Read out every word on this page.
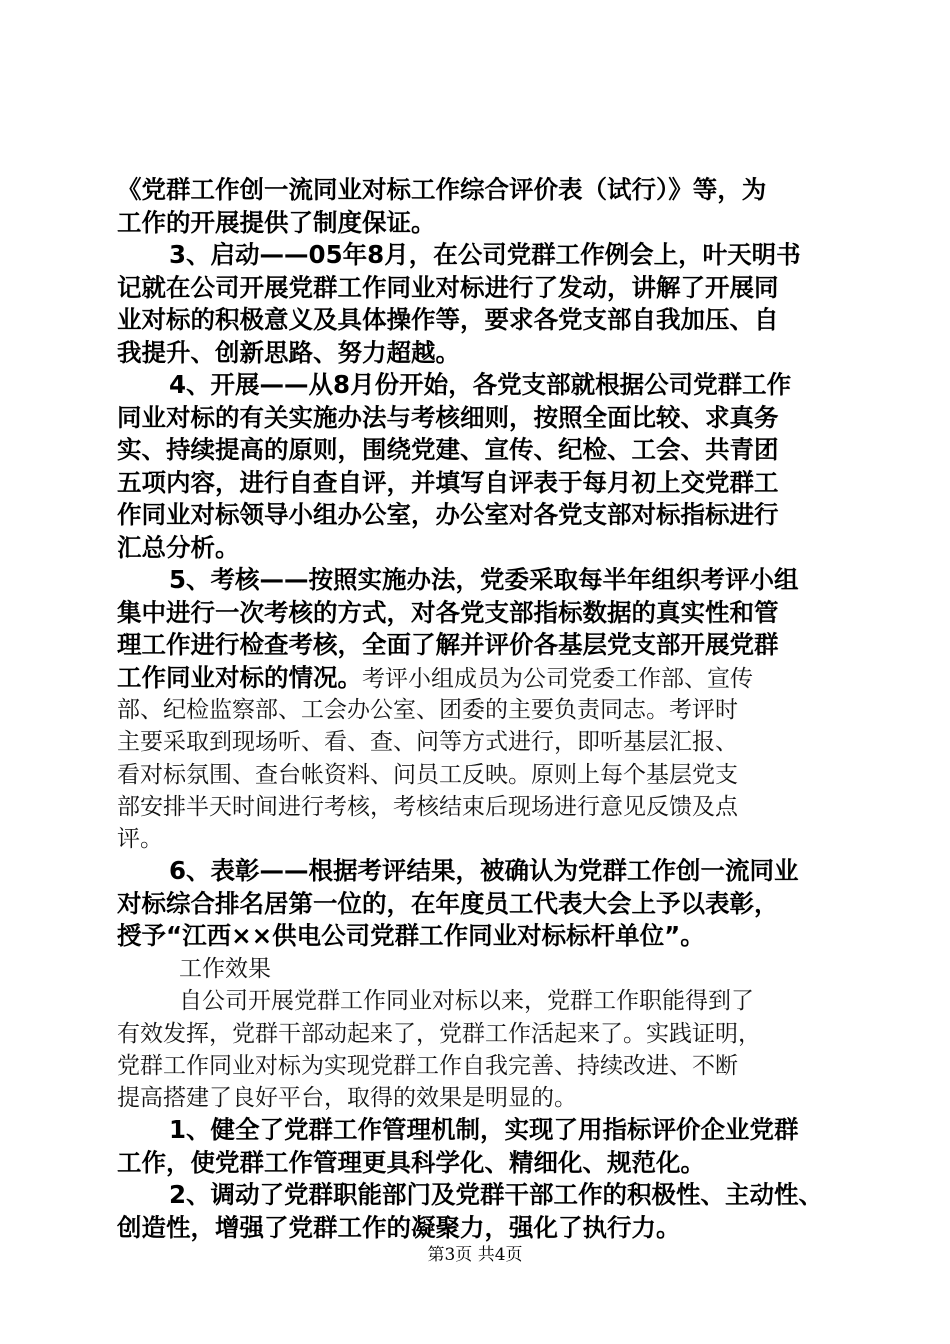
《党群工作创一流同业对标工作综合评价表（试行）》等，为
工作的开展提供了制度保证。
3、启动——05年8月，在公司党群工作例会上，叶天明书
记就在公司开展党群工作同业对标进行了发动，讲解了开展同
业对标的积极意义及具体操作等，要求各党支部自我加压、自
我提升、创新思路、努力超越。
4、开展——从8月份开始，各党支部就根据公司党群工作
同业对标的有关实施办法与考核细则，按照全面比较、求真务
实、持续提高的原则，围绕党建、宣传、纪检、工会、共青团
五项内容，进行自查自评，并填写自评表于每月初上交党群工
作同业对标领导小组办公室，办公室对各党支部对标指标进行
汇总分析。
5、考核——按照实施办法，党委采取每半年组织考评小组
集中进行一次考核的方式，对各党支部指标数据的真实性和管
理工作进行检查考核，全面了解并评价各基层党支部开展党群
工作同业对标的情况。考评小组成员为公司党委工作部、宣传
部、纪检监察部、工会办公室、团委的主要负责同志。考评时
主要采取到现场听、看、查、问等方式进行，即听基层汇报、
看对标氛围、查台帐资料、问员工反映。原则上每个基层党支
部安排半天时间进行考核，考核结束后现场进行意见反馈及点
评。
6、表彰——根据考评结果，被确认为党群工作创一流同业
对标综合排名居第一位的，在年度员工代表大会上予以表彰，
授予“江西××供电公司党群工作同业对标标杆单位”。
工作效果
自公司开展党群工作同业对标以来，党群工作职能得到了
有效发挥，党群干部动起来了，党群工作活起来了。实践证明，
党群工作同业对标为实现党群工作自我完善、持续改进、不断
提高搭建了良好平台，取得的效果是明显的。
1、健全了党群工作管理机制，实现了用指标评价企业党群
工作，使党群工作管理更具科学化、精细化、规范化。
2、调动了党群职能部门及党群干部工作的积极性、主动性、
创造性，增强了党群工作的凝聚力，强化了执行力。
第3页 共4页
